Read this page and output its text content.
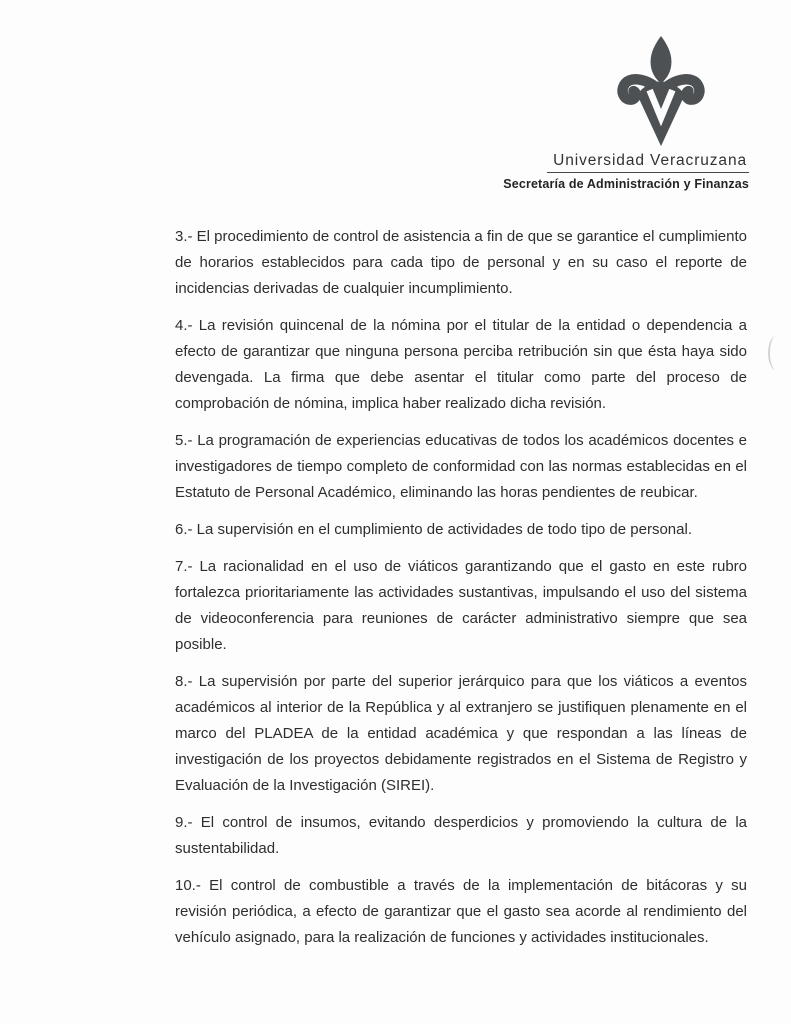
Universidad Veracruzana
Secretaría de Administración y Finanzas

3.- El procedimiento de control de asistencia a fin de que se garantice el cumplimiento de horarios establecidos para cada tipo de personal y en su caso el reporte de incidencias derivadas de cualquier incumplimiento.

4.- La revisión quincenal de la nómina por el titular de la entidad o dependencia a efecto de garantizar que ninguna persona perciba retribución sin que ésta haya sido devengada. La firma que debe asentar el titular como parte del proceso de comprobación de nómina, implica haber realizado dicha revisión.

5.- La programación de experiencias educativas de todos los académicos docentes e investigadores de tiempo completo de conformidad con las normas establecidas en el Estatuto de Personal Académico, eliminando las horas pendientes de reubicar.

6.- La supervisión en el cumplimiento de actividades de todo tipo de personal.

7.- La racionalidad en el uso de viáticos garantizando que el gasto en este rubro fortalezca prioritariamente las actividades sustantivas, impulsando el uso del sistema de videoconferencia para reuniones de carácter administrativo siempre que sea posible.

8.- La supervisión por parte del superior jerárquico para que los viáticos a eventos académicos al interior de la República y al extranjero se justifiquen plenamente en el marco del PLADEA de la entidad académica y que respondan a las líneas de investigación de los proyectos debidamente registrados en el Sistema de Registro y Evaluación de la Investigación (SIREI).

9.- El control de insumos, evitando desperdicios y promoviendo la cultura de la sustentabilidad.

10.- El control de combustible a través de la implementación de bitácoras y su revisión periódica, a efecto de garantizar que el gasto sea acorde al rendimiento del vehículo asignado, para la realización de funciones y actividades institucionales.
